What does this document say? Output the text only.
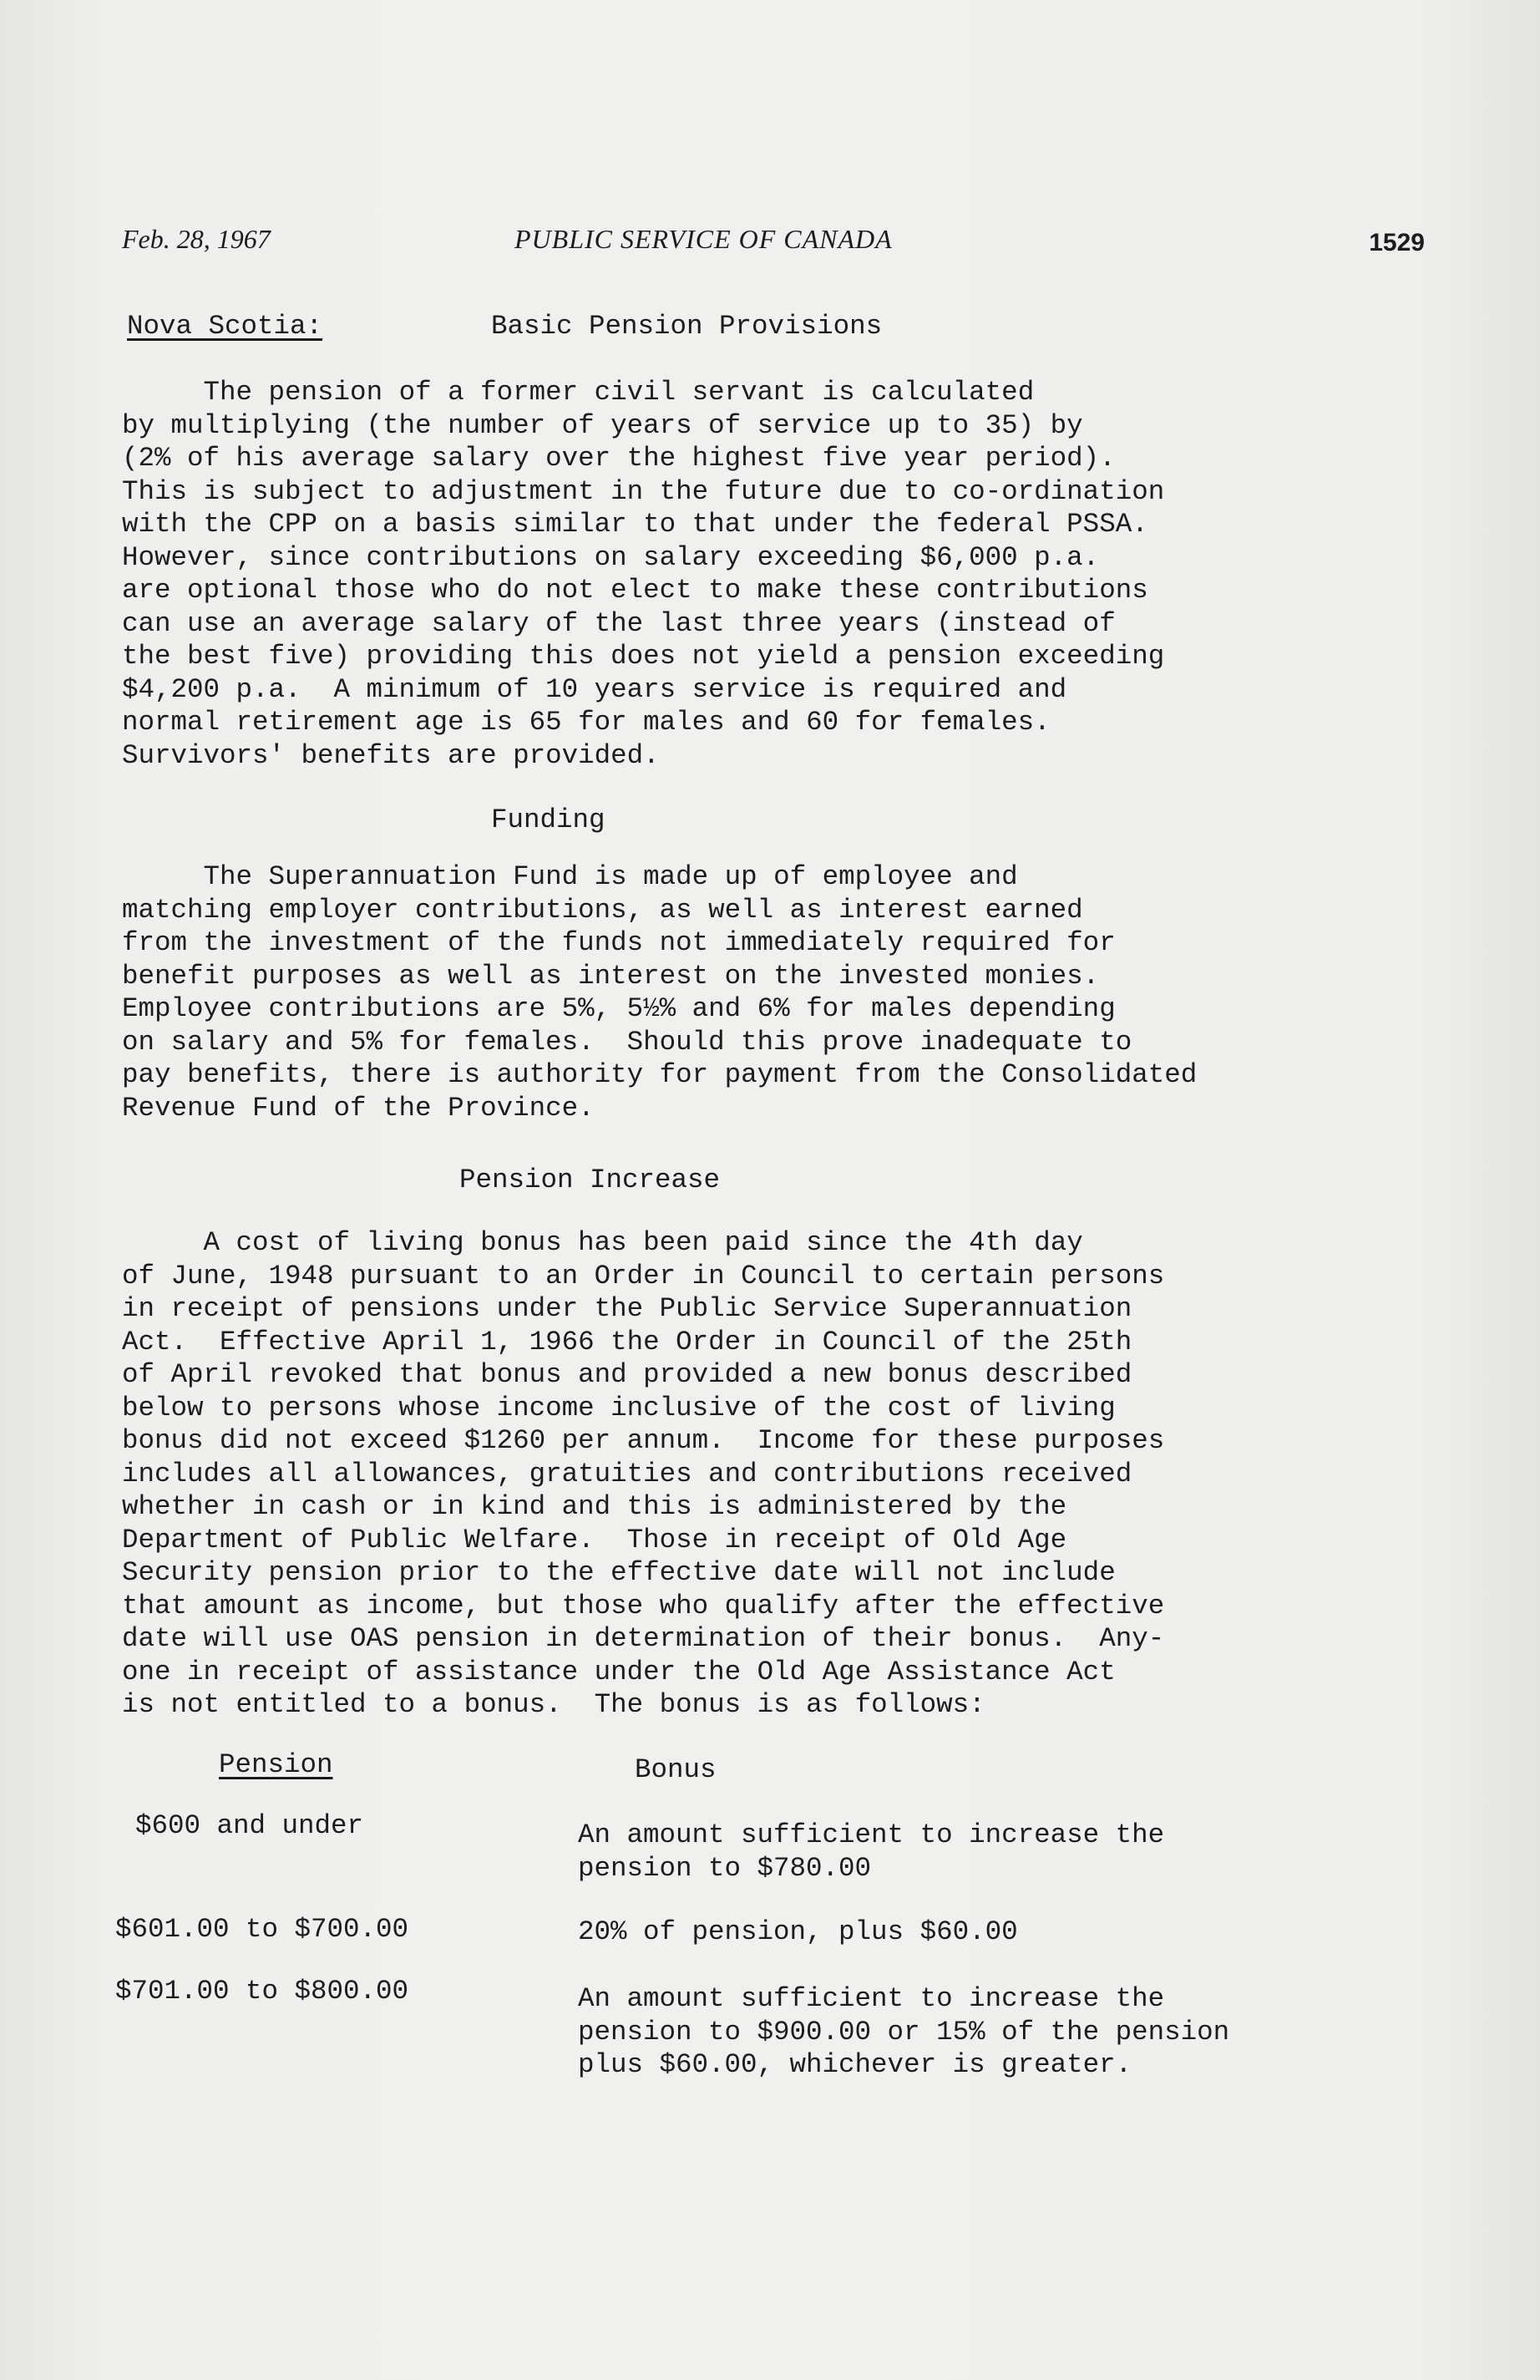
Feb. 28, 1967	PUBLIC SERVICE OF CANADA	1529
Nova Scotia:	Basic Pension Provisions
The pension of a former civil servant is calculated
by multiplying (the number of years of service up to 35) by
(2% of his average salary over the highest five year period).
This is subject to adjustment in the future due to co-ordination
with the CPP on a basis similar to that under the federal PSSA.
However, since contributions on salary exceeding $6,000 p.a.
are optional those who do not elect to make these contributions
can use an average salary of the last three years (instead of
the best five) providing this does not yield a pension exceeding
$4,200 p.a.  A minimum of 10 years service is required and
normal retirement age is 65 for males and 60 for females.
Survivors' benefits are provided.
Funding
The Superannuation Fund is made up of employee and
matching employer contributions, as well as interest earned
from the investment of the funds not immediately required for
benefit purposes as well as interest on the invested monies.
Employee contributions are 5%, 5½% and 6% for males depending
on salary and 5% for females.  Should this prove inadequate to
pay benefits, there is authority for payment from the Consolidated
Revenue Fund of the Province.
Pension Increase
A cost of living bonus has been paid since the 4th day
of June, 1948 pursuant to an Order in Council to certain persons
in receipt of pensions under the Public Service Superannuation
Act.  Effective April 1, 1966 the Order in Council of the 25th
of April revoked that bonus and provided a new bonus described
below to persons whose income inclusive of the cost of living
bonus did not exceed $1260 per annum.  Income for these purposes
includes all allowances, gratuities and contributions received
whether in cash or in kind and this is administered by the
Department of Public Welfare.  Those in receipt of Old Age
Security pension prior to the effective date will not include
that amount as income, but those who qualify after the effective
date will use OAS pension in determination of their bonus.  Any-
one in receipt of assistance under the Old Age Assistance Act
is not entitled to a bonus.  The bonus is as follows:
Pension	Bonus
$600 and under	An amount sufficient to increase the
pension to $780.00
$601.00 to $700.00	20% of pension, plus $60.00
$701.00 to $800.00	An amount sufficient to increase the
pension to $900.00 or 15% of the pension
plus $60.00, whichever is greater.
